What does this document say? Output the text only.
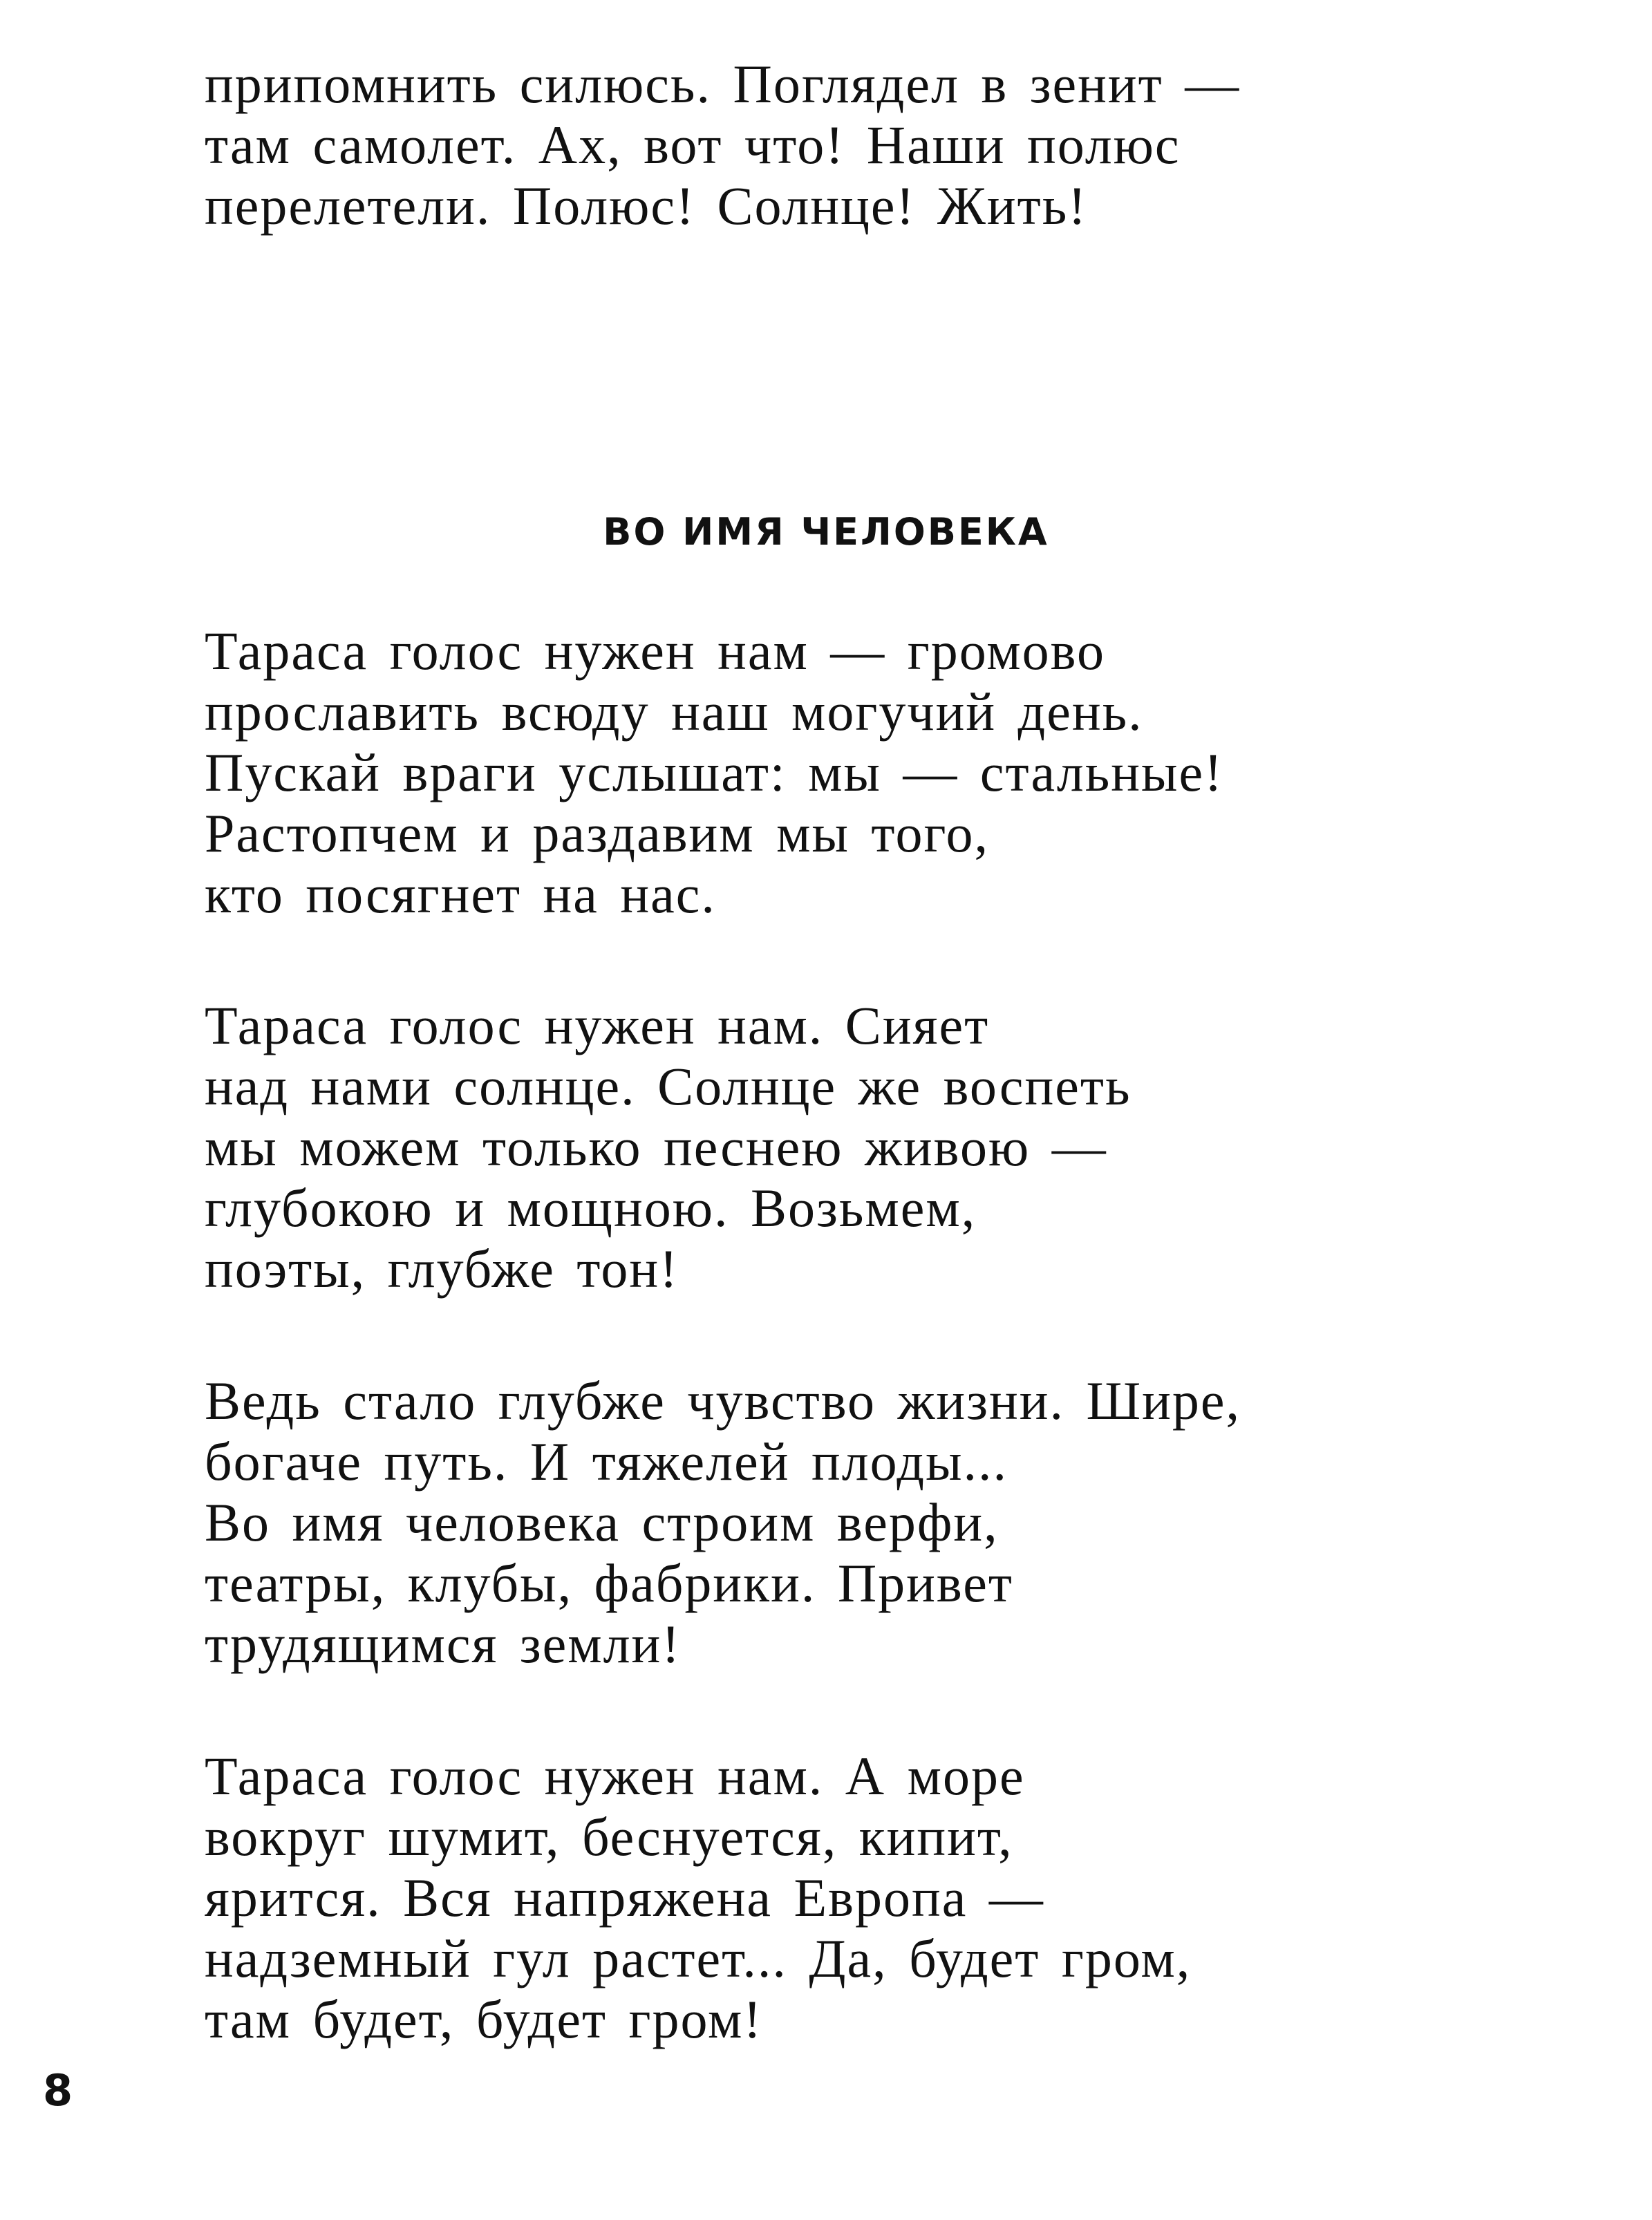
припомнить силюсь. Поглядел в зенит —
там самолет. Ах, вот что! Наши полюс
перелетели. Полюс! Солнце! Жить!
ВО ИМЯ ЧЕЛОВЕКА
Тараса голос нужен нам — громово
прославить всюду наш могучий день.
Пускай враги услышат: мы — стальные!
Растопчем и раздавим мы того,
кто посягнет на нас.
Тараса голос нужен нам. Сияет
над нами солнце. Солнце же воспеть
мы можем только песнею живою —
глубокою и мощною. Возьмем,
поэты, глубже тон!
Ведь стало глубже чувство жизни. Шире,
богаче путь. И тяжелей плоды...
Во имя человека строим верфи,
театры, клубы, фабрики. Привет
трудящимся земли!
Тараса голос нужен нам. А море
вокруг шумит, беснуется, кипит,
ярится. Вся напряжена Европа —
надземный гул растет... Да, будет гром,
там будет, будет гром!
8
